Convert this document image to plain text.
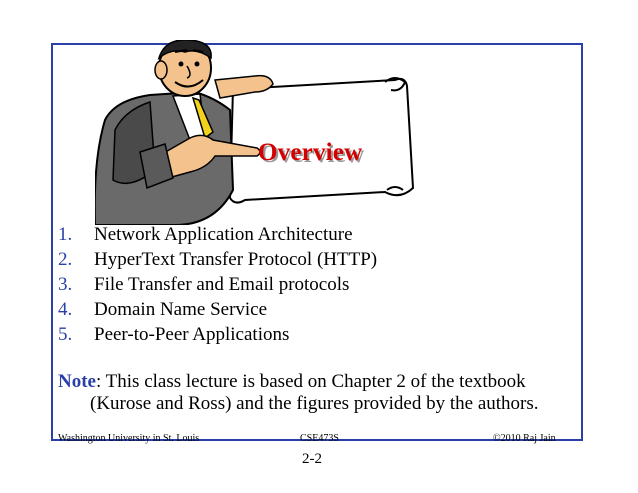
Overview
1. Network Application Architecture
2. HyperText Transfer Protocol (HTTP)
3. File Transfer and Email protocols
4. Domain Name Service
5. Peer-to-Peer Applications
Note: This class lecture is based on Chapter 2 of the textbook
(Kurose and Ross) and the figures provided by the authors.
Washington University in St. Louis	CSE473S	©2010 Raj Jain
2-2
